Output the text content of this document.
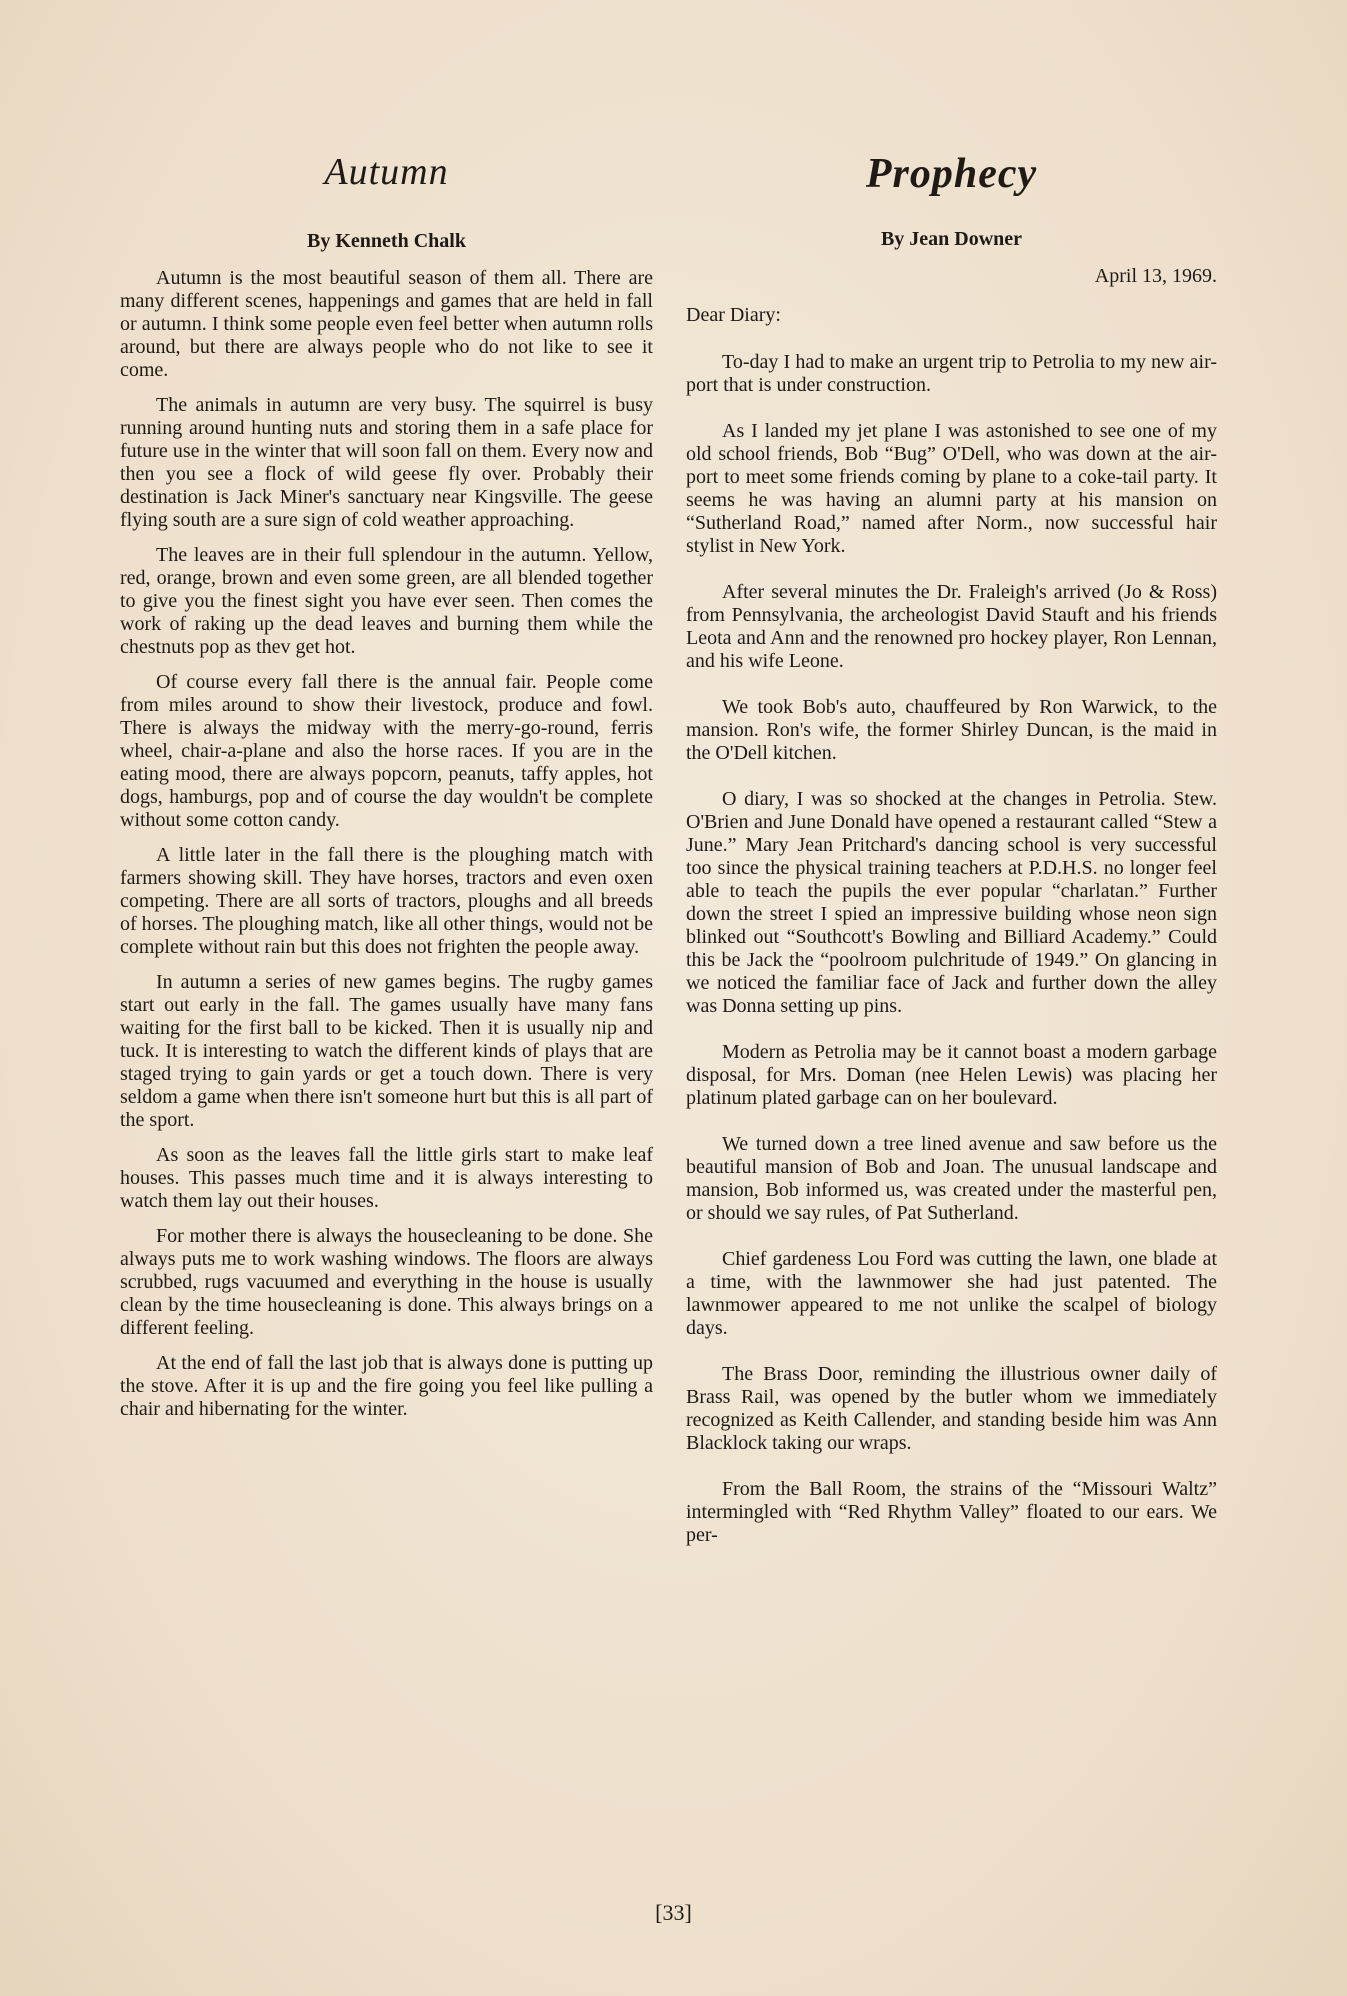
Autumn
By Kenneth Chalk

Autumn is the most beautiful season of them all. There are many different scenes, happenings and games that are held in fall or autumn. I think some people even feel better when autumn rolls around, but there are always people who do not like to see it come.

The animals in autumn are very busy. The squirrel is busy running around hunting nuts and storing them in a safe place for future use in the winter that will soon fall on them. Every now and then you see a flock of wild geese fly over. Probably their destination is Jack Miner's sanctuary near Kingsville. The geese flying south are a sure sign of cold weather approaching.

The leaves are in their full splendour in the autumn. Yellow, red, orange, brown and even some green, are all blended together to give you the finest sight you have ever seen. Then comes the work of raking up the dead leaves and burning them while the chestnuts pop as thev get hot.

Of course every fall there is the annual fair. People come from miles around to show their livestock, produce and fowl. There is always the midway with the merry-go-round, ferris wheel, chair-a-plane and also the horse races. If you are in the eating mood, there are always popcorn, peanuts, taffy apples, hot dogs, hamburgs, pop and of course the day wouldn't be complete without some cotton candy.

A little later in the fall there is the ploughing match with farmers showing skill. They have horses, tractors and even oxen competing. There are all sorts of tractors, ploughs and all breeds of horses. The ploughing match, like all other things, would not be complete without rain but this does not frighten the people away.

In autumn a series of new games begins. The rugby games start out early in the fall. The games usually have many fans waiting for the first ball to be kicked. Then it is usually nip and tuck. It is interesting to watch the different kinds of plays that are staged trying to gain yards or get a touch down. There is very seldom a game when there isn't someone hurt but this is all part of the sport.

As soon as the leaves fall the little girls start to make leaf houses. This passes much time and it is always interesting to watch them lay out their houses.

For mother there is always the housecleaning to be done. She always puts me to work washing windows. The floors are always scrubbed, rugs vacuumed and everything in the house is usually clean by the time housecleaning is done. This always brings on a different feeling.

At the end of fall the last job that is always done is putting up the stove. After it is up and the fire going you feel like pulling a chair and hibernating for the winter.

Prophecy
By Jean Downer

April 13, 1969.

Dear Diary:

To-day I had to make an urgent trip to Petrolia to my new air-port that is under construction.

As I landed my jet plane I was astonished to see one of my old school friends, Bob “Bug” O'Dell, who was down at the air-port to meet some friends coming by plane to a coke-tail party. It seems he was having an alumni party at his mansion on “Sutherland Road,” named after Norm., now successful hair stylist in New York.

After several minutes the Dr. Fraleigh's arrived (Jo & Ross) from Pennsylvania, the archeologist David Stauft and his friends Leota and Ann and the renowned pro hockey player, Ron Lennan, and his wife Leone.

We took Bob's auto, chauffeured by Ron Warwick, to the mansion. Ron's wife, the former Shirley Duncan, is the maid in the O'Dell kitchen.

O diary, I was so shocked at the changes in Petrolia. Stew. O'Brien and June Donald have opened a restaurant called “Stew a June.” Mary Jean Pritchard's dancing school is very successful too since the physical training teachers at P.D.H.S. no longer feel able to teach the pupils the ever popular “charlatan.” Further down the street I spied an impressive building whose neon sign blinked out “Southcott's Bowling and Billiard Academy.” Could this be Jack the “poolroom pulchritude of 1949.” On glancing in we noticed the familiar face of Jack and further down the alley was Donna setting up pins.

Modern as Petrolia may be it cannot boast a modern garbage disposal, for Mrs. Doman (nee Helen Lewis) was placing her platinum plated garbage can on her boulevard.

We turned down a tree lined avenue and saw before us the beautiful mansion of Bob and Joan. The unusual landscape and mansion, Bob informed us, was created under the masterful pen, or should we say rules, of Pat Sutherland.

Chief gardeness Lou Ford was cutting the lawn, one blade at a time, with the lawnmower she had just patented. The lawnmower appeared to me not unlike the scalpel of biology days.

The Brass Door, reminding the illustrious owner daily of Brass Rail, was opened by the butler whom we immediately recognized as Keith Callender, and standing beside him was Ann Blacklock taking our wraps.

From the Ball Room, the strains of the “Missouri Waltz” intermingled with “Red Rhythm Valley” floated to our ears. We per-

[33]
